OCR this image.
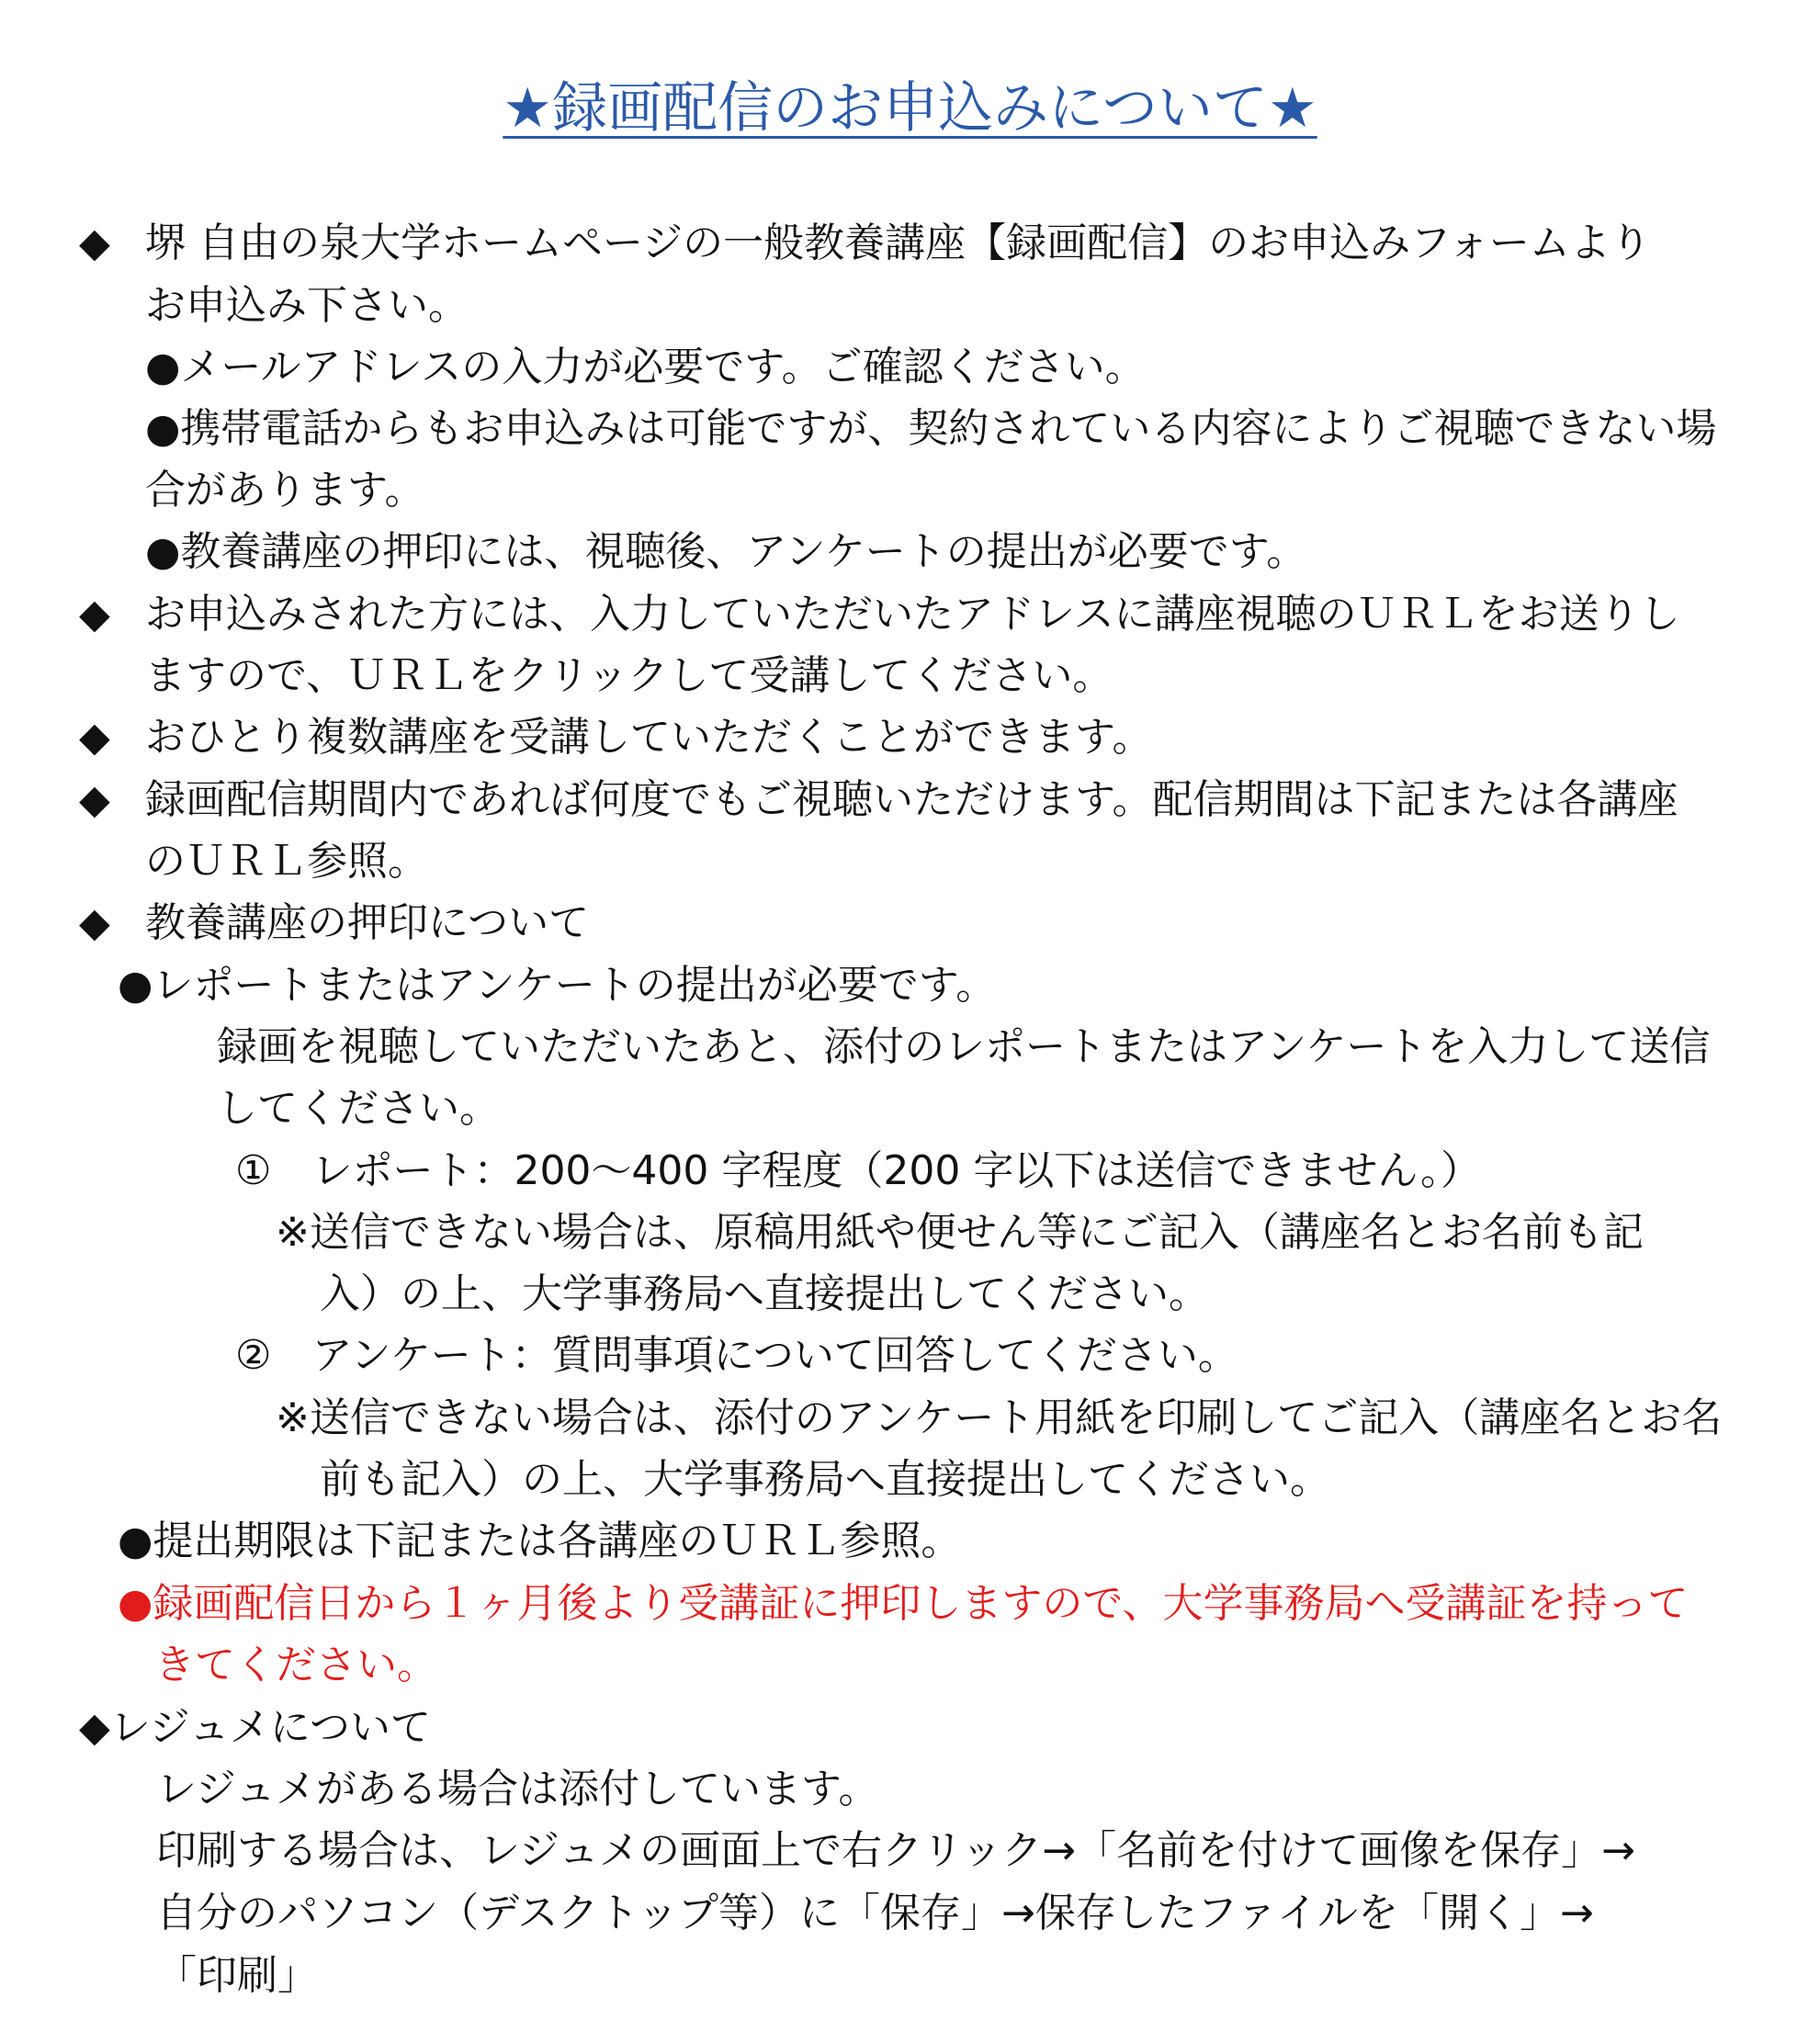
★録画配信のお申込みについて★
◆
◆
◆
◆
◆
堺 自由の泉大学ホームページの一般教養講座【録画配信】のお申込みフォームより
お申込み下さい。
●メールアドレスの入力が必要です。ご確認ください。
●携帯電話からもお申込みは可能ですが、契約されている内容によりご視聴できない場
合があります。
●教養講座の押印には、視聴後、アンケートの提出が必要です。
お申込みされた方には、入力していただいたアドレスに講座視聴のＵＲＬをお送りし
ますので、ＵＲＬをクリックして受講してください。
おひとり複数講座を受講していただくことができます。
録画配信期間内であれば何度でもご視聴いただけます。配信期間は下記または各講座
のＵＲＬ参照。
教養講座の押印について
●レポートまたはアンケートの提出が必要です。
録画を視聴していただいたあと、添付のレポートまたはアンケートを入力して送信
してください。
①　レポート：200～400 字程度（200 字以下は送信できません。）
※送信できない場合は、原稿用紙や便せん等にご記入（講座名とお名前も記
入）の上、大学事務局へ直接提出してください。
②　アンケート：質問事項について回答してください。
※送信できない場合は、添付のアンケート用紙を印刷してご記入（講座名とお名
前も記入）の上、大学事務局へ直接提出してください。
●提出期限は下記または各講座のＵＲＬ参照。
●録画配信日から１ヶ月後より受講証に押印しますので、大学事務局へ受講証を持って
きてください。
◆レジュメについて
レジュメがある場合は添付しています。
印刷する場合は、レジュメの画面上で右クリック→「名前を付けて画像を保存」→
自分のパソコン（デスクトップ等）に「保存」→保存したファイルを「開く」→
「印刷」
